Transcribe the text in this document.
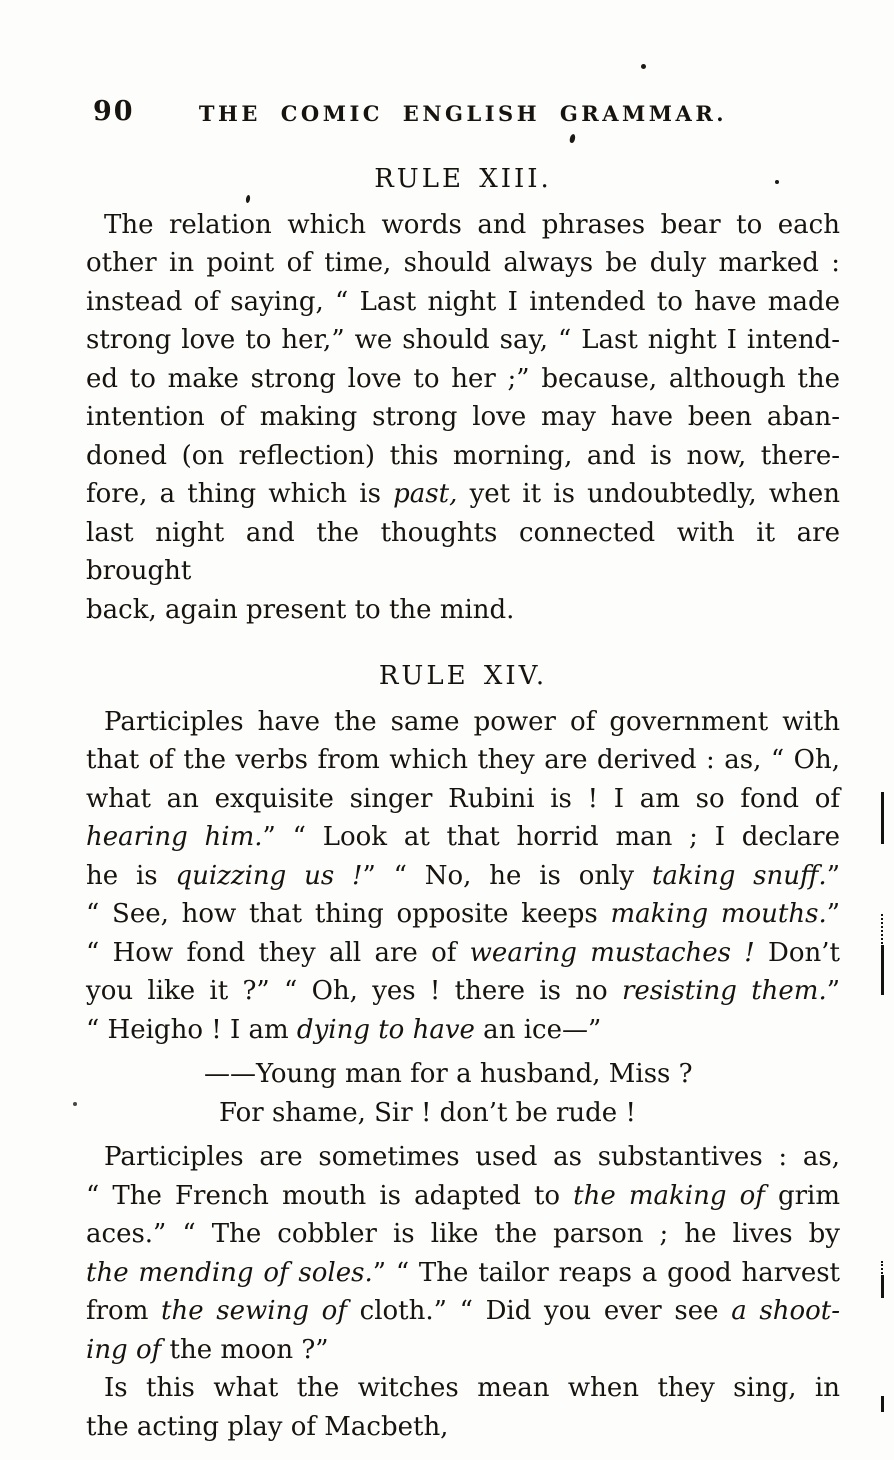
90	THE COMIC ENGLISH GRAMMAR.
RULE XIII.
The relation which words and phrases bear to each
other in point of time, should always be duly marked :
instead of saying, “ Last night I intended to have made
strong love to her,” we should say, “ Last night I intend-
ed to make strong love to her ;” because, although the
intention of making strong love may have been aban-
doned (on reflection) this morning, and is now, there-
fore, a thing which is past, yet it is undoubtedly, when
last night and the thoughts connected with it are brought
back, again present to the mind.
RULE XIV.
Participles have the same power of government with
that of the verbs from which they are derived : as, “ Oh,
what an exquisite singer Rubini is ! I am so fond of
hearing him.” “ Look at that horrid man ; I declare
he is quizzing us !” “ No, he is only taking snuff.”
“ See, how that thing opposite keeps making mouths.”
“ How fond they all are of wearing mustaches ! Don’t
you like it ?” “ Oh, yes ! there is no resisting them.”
“ Heigho ! I am dying to have an ice—”
——Young man for a husband, Miss ?
For shame, Sir ! don’t be rude !
Participles are sometimes used as substantives : as,
“ The French mouth is adapted to the making of grim
aces.” “ The cobbler is like the parson ; he lives by
the mending of soles.” “ The tailor reaps a good harvest
from the sewing of cloth.” “ Did you ever see a shoot-
ing of the moon ?”
Is this what the witches mean when they sing, in
the acting play of Macbeth,
